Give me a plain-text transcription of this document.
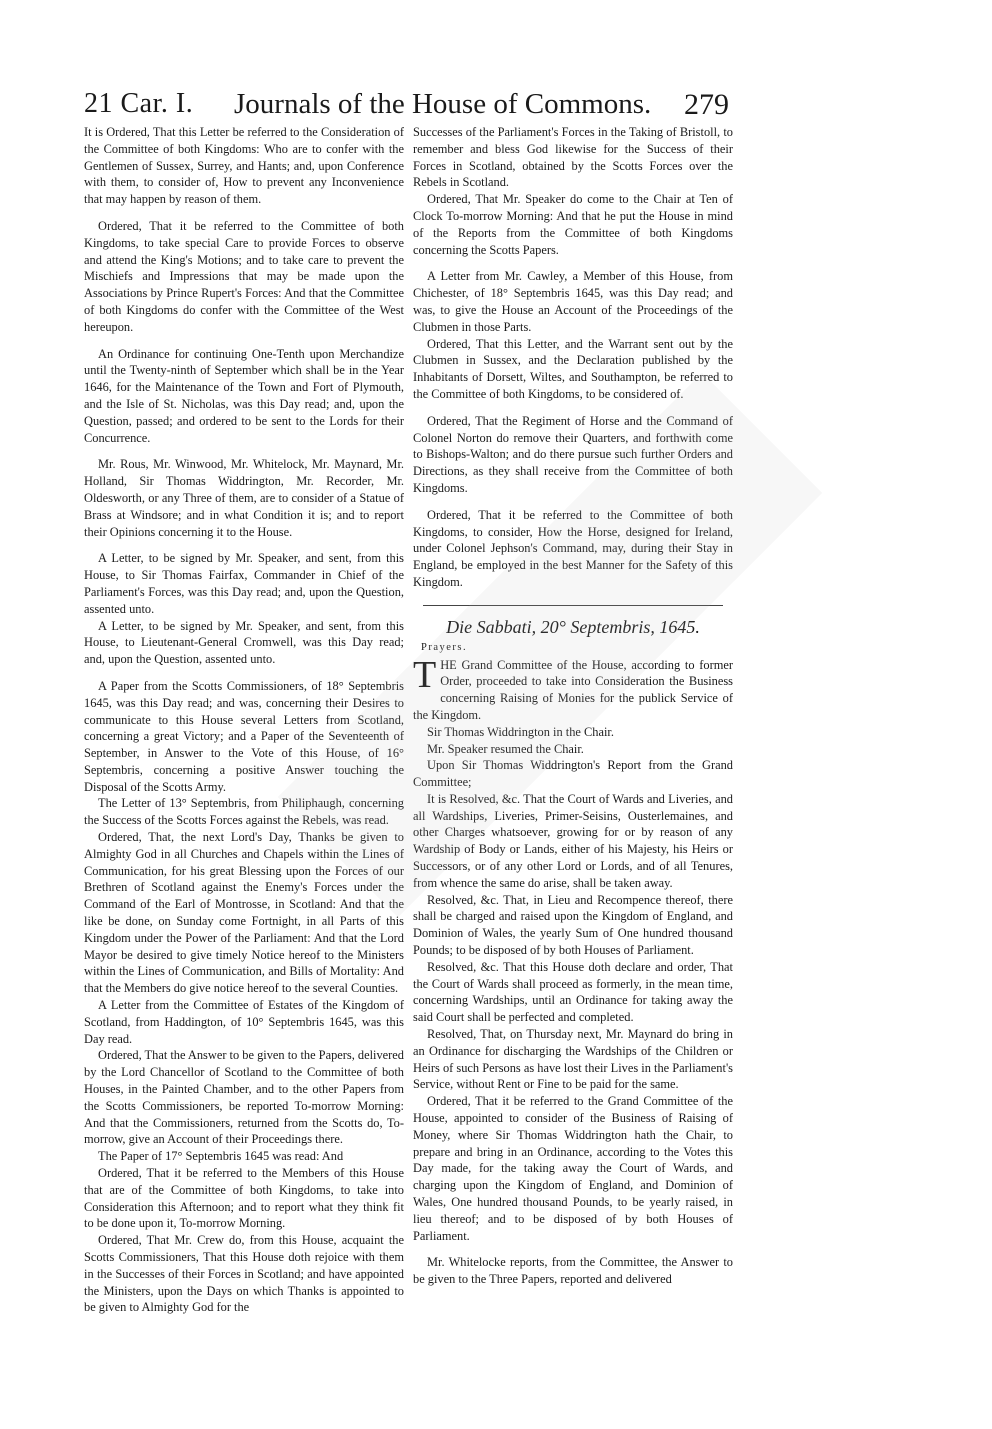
21 Car. I. Journals of the House of Commons. 279

It is Ordered, That this Letter be referred to the Consideration of the Committee of both Kingdoms: Who are to confer with the Gentlemen of Sussex, Surrey, and Hants; and, upon Conference with them, to consider of, How to prevent any Inconvenience that may happen by reason of them.

Ordered, That it be referred to the Committee of both Kingdoms, to take special Care to provide Forces to observe and attend the King's Motions; and to take care to prevent the Mischiefs and Impressions that may be made upon the Associations by Prince Rupert's Forces: And that the Committee of both Kingdoms do confer with the Committee of the West hereupon.

An Ordinance for continuing One-Tenth upon Merchandize until the Twenty-ninth of September which shall be in the Year 1646, for the Maintenance of the Town and Fort of Plymouth, and the Isle of St. Nicholas, was this Day read; and, upon the Question, passed; and ordered to be sent to the Lords for their Concurrence.

Mr. Rous, Mr. Winwood, Mr. Whitelock, Mr. Maynard, Mr. Holland, Sir Thomas Widdrington, Mr. Recorder, Mr. Oldesworth, or any Three of them, are to consider of a Statue of Brass at Windsore; and in what Condition it is; and to report their Opinions concerning it to the House.

A Letter, to be signed by Mr. Speaker, and sent, from this House, to Sir Thomas Fairfax, Commander in Chief of the Parliament's Forces, was this Day read; and, upon the Question, assented unto.

A Letter, to be signed by Mr. Speaker, and sent, from this House, to Lieutenant-General Cromwell, was this Day read; and, upon the Question, assented unto.

A Paper from the Scotts Commissioners, of 18° Septembris 1645, was this Day read; and was, concerning their Desires to communicate to this House several Letters from Scotland, concerning a great Victory; and a Paper of the Seventeenth of September, in Answer to the Vote of this House, of 16° Septembris, concerning a positive Answer touching the Disposal of the Scotts Army.

The Letter of 13° Septembris, from Philiphaugh, concerning the Success of the Scotts Forces against the Rebels, was read.

Ordered, That, the next Lord's Day, Thanks be given to Almighty God in all Churches and Chapels within the Lines of Communication, for his great Blessing upon the Forces of our Brethren of Scotland against the Enemy's Forces under the Command of the Earl of Montrosse, in Scotland: And that the like be done, on Sunday come Fortnight, in all Parts of this Kingdom under the Power of the Parliament: And that the Lord Mayor be desired to give timely Notice hereof to the Ministers within the Lines of Communication, and Bills of Mortality: And that the Members do give notice hereof to the several Counties.

A Letter from the Committee of Estates of the Kingdom of Scotland, from Haddington, of 10° Septembris 1645, was this Day read.

Ordered, That the Answer to be given to the Papers, delivered by the Lord Chancellor of Scotland to the Committee of both Houses, in the Painted Chamber, and to the other Papers from the Scotts Commissioners, be reported To-morrow Morning: And that the Commissioners, returned from the Scotts do, To-morrow, give an Account of their Proceedings there.

The Paper of 17° Septembris 1645 was read: And

Ordered, That it be referred to the Members of this House that are of the Committee of both Kingdoms, to take into Consideration this Afternoon; and to report what they think fit to be done upon it, To-morrow Morning.

Ordered, That Mr. Crew do, from this House, acquaint the Scotts Commissioners, That this House doth rejoice with them in the Successes of their Forces in Scotland; and have appointed the Ministers, upon the Days on which Thanks is appointed to be given to Almighty God for the

Successes of the Parliament's Forces in the Taking of Bristoll, to remember and bless God likewise for the Success of their Forces in Scotland, obtained by the Scotts Forces over the Rebels in Scotland.

Ordered, That Mr. Speaker do come to the Chair at Ten of Clock To-morrow Morning: And that he put the House in mind of the Reports from the Committee of both Kingdoms concerning the Scotts Papers.

A Letter from Mr. Cawley, a Member of this House, from Chichester, of 18° Septembris 1645, was this Day read; and was, to give the House an Account of the Proceedings of the Clubmen in those Parts.

Ordered, That this Letter, and the Warrant sent out by the Clubmen in Sussex, and the Declaration published by the Inhabitants of Dorsett, Wiltes, and Southampton, be referred to the Committee of both Kingdoms, to be considered of.

Ordered, That the Regiment of Horse and the Command of Colonel Norton do remove their Quarters, and forthwith come to Bishops-Walton; and do there pursue such further Orders and Directions, as they shall receive from the Committee of both Kingdoms.

Ordered, That it be referred to the Committee of both Kingdoms, to consider, How the Horse, designed for Ireland, under Colonel Jephson's Command, may, during their Stay in England, be employed in the best Manner for the Safety of this Kingdom.

Die Sabbati, 20° Septembris, 1645.

Prayers.

T HE Grand Committee of the House, according to former Order, proceeded to take into Consideration the Business concerning Raising of Monies for the publick Service of the Kingdom.

Sir Thomas Widdrington in the Chair.

Mr. Speaker resumed the Chair.

Upon Sir Thomas Widdrington's Report from the Grand Committee;

It is Resolved, &c. That the Court of Wards and Liveries, and all Wardships, Liveries, Primer-Seisins, Ousterlemaines, and other Charges whatsoever, growing for or by reason of any Wardship of Body or Lands, either of his Majesty, his Heirs or Successors, or of any other Lord or Lords, and of all Tenures, from whence the same do arise, shall be taken away.

Resolved, &c. That, in Lieu and Recompence thereof, there shall be charged and raised upon the Kingdom of England, and Dominion of Wales, the yearly Sum of One hundred thousand Pounds; to be disposed of by both Houses of Parliament.

Resolved, &c. That this House doth declare and order, That the Court of Wards shall proceed as formerly, in the mean time, concerning Wardships, until an Ordinance for taking away the said Court shall be perfected and completed.

Resolved, That, on Thursday next, Mr. Maynard do bring in an Ordinance for discharging the Wardships of the Children or Heirs of such Persons as have lost their Lives in the Parliament's Service, without Rent or Fine to be paid for the same.

Ordered, That it be referred to the Grand Committee of the House, appointed to consider of the Business of Raising of Money, where Sir Thomas Widdrington hath the Chair, to prepare and bring in an Ordinance, according to the Votes this Day made, for the taking away the Court of Wards, and charging upon the Kingdom of England, and Dominion of Wales, One hundred thousand Pounds, to be yearly raised, in lieu thereof; and to be disposed of by both Houses of Parliament.

Mr. Whitelocke reports, from the Committee, the Answer to be given to the Three Papers, reported and delivered
